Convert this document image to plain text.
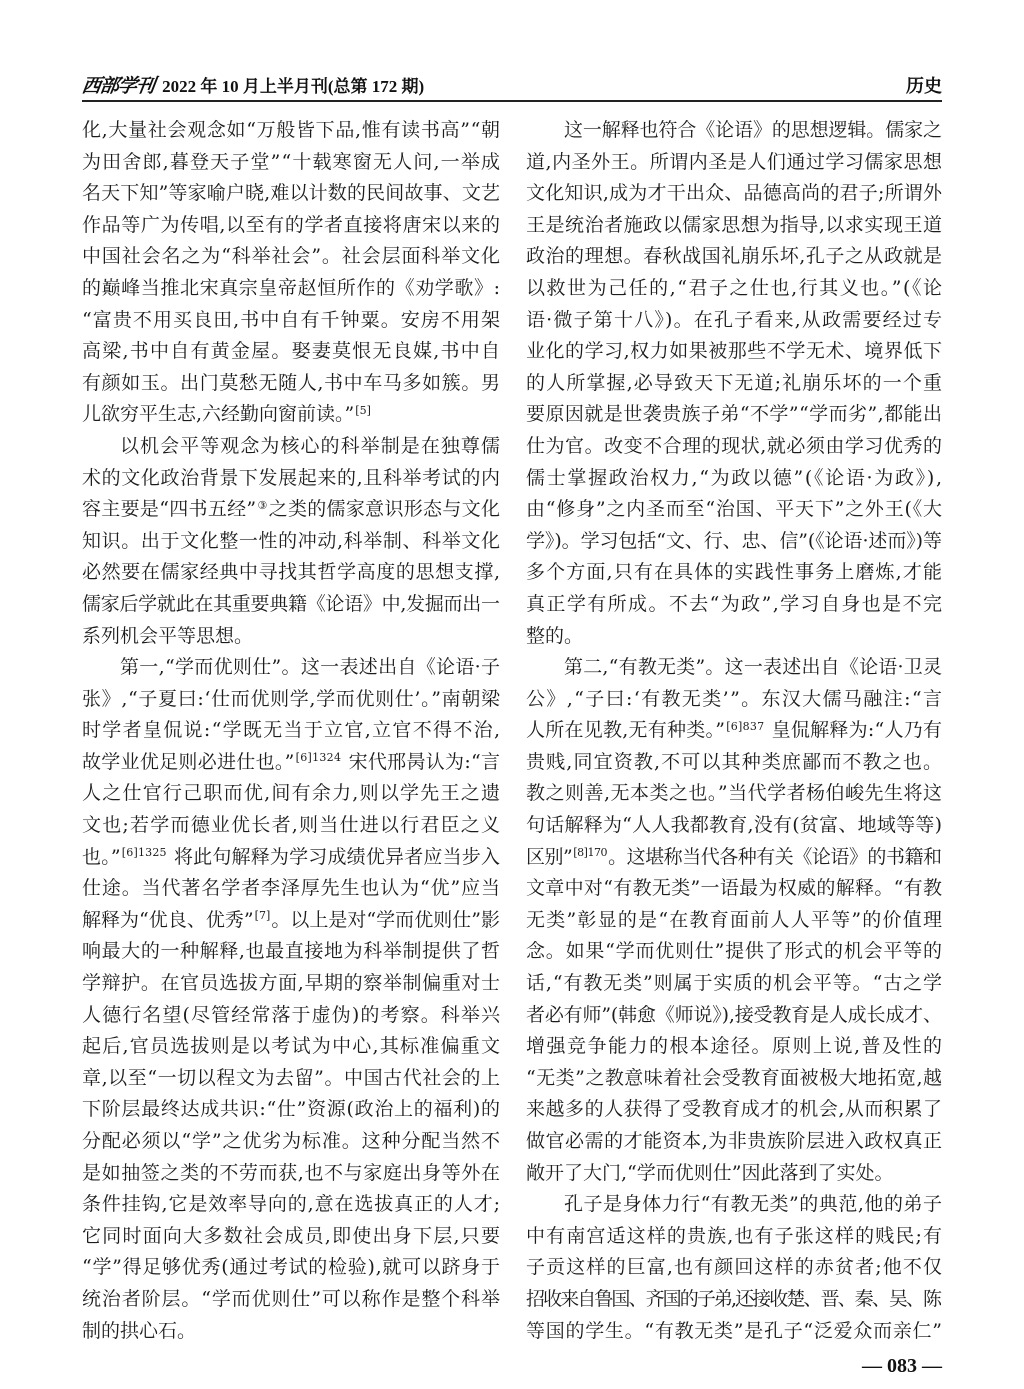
西部学刊 2022 年 10 月上半月刊(总第 172 期)	历史
化,大量社会观念如“万般皆下品,惟有读书高”“朝
为田舍郎,暮登天子堂”“十载寒窗无人问,一举成
名天下知”等家喻户晓,难以计数的民间故事、文艺
作品等广为传唱,以至有的学者直接将唐宋以来的
中国社会名之为“科举社会”。社会层面科举文化
的巅峰当推北宋真宗皇帝赵恒所作的《劝学歌》:
“富贵不用买良田,书中自有千钟粟。安房不用架
高梁,书中自有黄金屋。娶妻莫恨无良媒,书中自
有颜如玉。出门莫愁无随人,书中车马多如簇。男
儿欲穷平生志,六经勤向窗前读。”[5]
以机会平等观念为核心的科举制是在独尊儒
术的文化政治背景下发展起来的,且科举考试的内
容主要是“四书五经”③之类的儒家意识形态与文化
知识。出于文化整一性的冲动,科举制、科举文化
必然要在儒家经典中寻找其哲学高度的思想支撑,
儒家后学就此在其重要典籍《论语》中,发掘而出一
系列机会平等思想。
第一,“学而优则仕”。这一表述出自《论语·子
张》,“子夏曰:‘仕而优则学,学而优则仕’。”南朝梁
时学者皇侃说:“学既无当于立官,立官不得不治,
故学业优足则必进仕也。”$^{[6]1324}$ 宋代邢昺认为:“言
人之仕官行己职而优,间有余力,则以学先王之遗
文也;若学而德业优长者,则当仕进以行君臣之义
也。”$^{[6]1325}$ 将此句解释为学习成绩优异者应当步入
仕途。当代著名学者李泽厚先生也认为“优”应当
解释为“优良、优秀”[7]。以上是对“学而优则仕”影
响最大的一种解释,也最直接地为科举制提供了哲
学辩护。在官员选拔方面,早期的察举制偏重对士
人德行名望(尽管经常落于虚伪)的考察。科举兴
起后,官员选拔则是以考试为中心,其标准偏重文
章,以至“一切以程文为去留”。中国古代社会的上
下阶层最终达成共识:“仕”资源(政治上的福利)的
分配必须以“学”之优劣为标准。这种分配当然不
是如抽签之类的不劳而获,也不与家庭出身等外在
条件挂钩,它是效率导向的,意在选拔真正的人才;
它同时面向大多数社会成员,即使出身下层,只要
“学”得足够优秀(通过考试的检验),就可以跻身于
统治者阶层。“学而优则仕”可以称作是整个科举
制的拱心石。
这一解释也符合《论语》的思想逻辑。儒家之
道,内圣外王。所谓内圣是人们通过学习儒家思想
文化知识,成为才干出众、品德高尚的君子;所谓外
王是统治者施政以儒家思想为指导,以求实现王道
政治的理想。春秋战国礼崩乐坏,孔子之从政就是
以救世为己任的,“君子之仕也,行其义也。”(《论
语·微子第十八》)。在孔子看来,从政需要经过专
业化的学习,权力如果被那些不学无术、境界低下
的人所掌握,必导致天下无道;礼崩乐坏的一个重
要原因就是世袭贵族子弟“不学”“学而劣”,都能出
仕为官。改变不合理的现状,就必须由学习优秀的
儒士掌握政治权力,“为政以德”(《论语·为政》),
由“修身”之内圣而至“治国、平天下”之外王(《大
学》)。学习包括“文、行、忠、信”(《论语·述而》)等
多个方面,只有在具体的实践性事务上磨炼,才能
真正学有所成。不去“为政”,学习自身也是不完
整的。
第二,“有教无类”。这一表述出自《论语·卫灵
公》,“子曰:‘有教无类’”。东汉大儒马融注:“言
人所在见教,无有种类。”$^{[6]837}$ 皇侃解释为:“人乃有
贵贱,同宜资教,不可以其种类庶鄙而不教之也。
教之则善,无本类之也。”当代学者杨伯峻先生将这
句话解释为“人人我都教育,没有(贫富、地域等等)
区别”$^{[8]170}$。这堪称当代各种有关《论语》的书籍和
文章中对“有教无类”一语最为权威的解释。“有教
无类”彰显的是“在教育面前人人平等”的价值理
念。如果“学而优则仕”提供了形式的机会平等的
话,“有教无类”则属于实质的机会平等。“古之学
者必有师”(韩愈《师说》),接受教育是人成长成才、
增强竞争能力的根本途径。原则上说,普及性的
“无类”之教意味着社会受教育面被极大地拓宽,越
来越多的人获得了受教育成才的机会,从而积累了
做官必需的才能资本,为非贵族阶层进入政权真正
敞开了大门,“学而优则仕”因此落到了实处。
孔子是身体力行“有教无类”的典范,他的弟子
中有南宫适这样的贵族,也有子张这样的贱民;有
子贡这样的巨富,也有颜回这样的赤贫者;他不仅
招收来自鲁国、齐国的子弟,还接收楚、晋、秦、吴、陈
等国的学生。“有教无类”是孔子“泛爱众而亲仁”
— 083 —
